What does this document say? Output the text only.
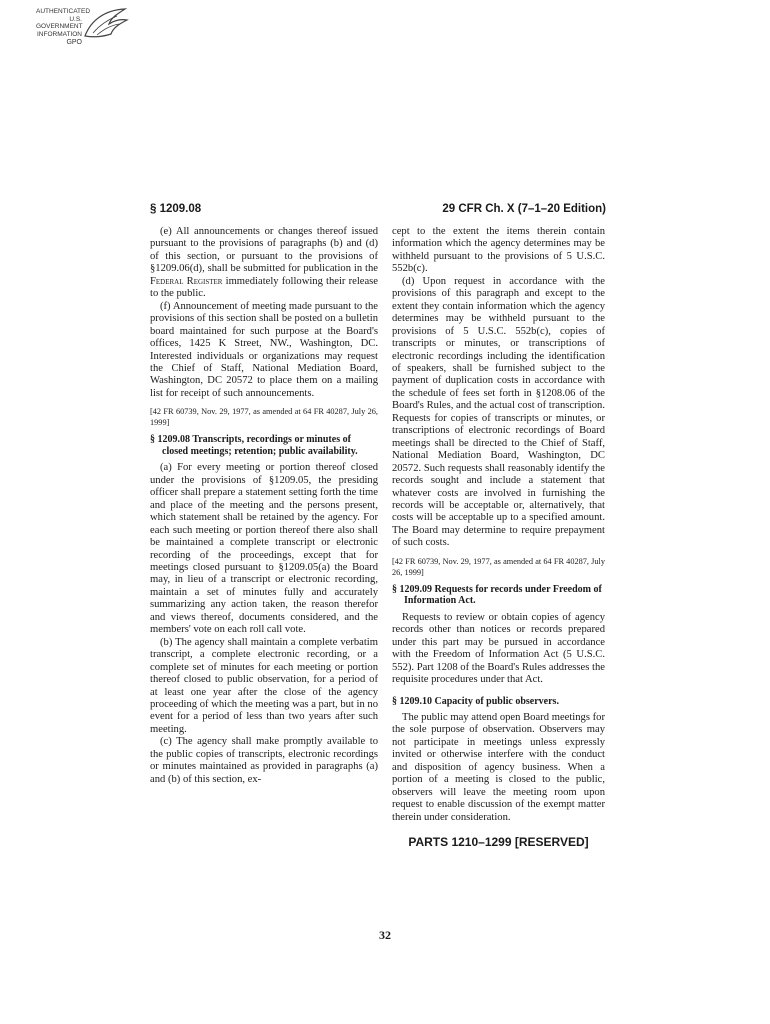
AUTHENTICATED
U.S. GOVERNMENT
INFORMATION
GPO
§ 1209.08	29 CFR Ch. X (7–1–20 Edition)

(e) All announcements or changes thereof issued pursuant to the provisions of paragraphs (b) and (d) of this section, or pursuant to the provisions of §1209.06(d), shall be submitted for publication in the Federal Register immediately following their release to the public.

(f) Announcement of meeting made pursuant to the provisions of this section shall be posted on a bulletin board maintained for such purpose at the Board's offices, 1425 K Street, NW., Washington, DC. Interested individuals or organizations may request the Chief of Staff, National Mediation Board, Washington, DC 20572 to place them on a mailing list for receipt of such announcements.

[42 FR 60739, Nov. 29, 1977, as amended at 64 FR 40287, July 26, 1999]

§ 1209.08 Transcripts, recordings or minutes of closed meetings; retention; public availability.

(a) For every meeting or portion thereof closed under the provisions of §1209.05, the presiding officer shall prepare a statement setting forth the time and place of the meeting and the persons present, which statement shall be retained by the agency. For each such meeting or portion thereof there also shall be maintained a complete transcript or electronic recording of the proceedings, except that for meetings closed pursuant to §1209.05(a) the Board may, in lieu of a transcript or electronic recording, maintain a set of minutes fully and accurately summarizing any action taken, the reason therefor and views thereof, documents considered, and the members' vote on each roll call vote.

(b) The agency shall maintain a complete verbatim transcript, a complete electronic recording, or a complete set of minutes for each meeting or portion thereof closed to public observation, for a period of at least one year after the close of the agency proceeding of which the meeting was a part, but in no event for a period of less than two years after such meeting.

(c) The agency shall make promptly available to the public copies of transcripts, electronic recordings or minutes maintained as provided in paragraphs (a) and (b) of this section, ex-

cept to the extent the items therein contain information which the agency determines may be withheld pursuant to the provisions of 5 U.S.C. 552b(c).

(d) Upon request in accordance with the provisions of this paragraph and except to the extent they contain information which the agency determines may be withheld pursuant to the provisions of 5 U.S.C. 552b(c), copies of transcripts or minutes, or transcriptions of electronic recordings including the identification of speakers, shall be furnished subject to the payment of duplication costs in accordance with the schedule of fees set forth in §1208.06 of the Board's Rules, and the actual cost of transcription. Requests for copies of transcripts or minutes, or transcriptions of electronic recordings of Board meetings shall be directed to the Chief of Staff, National Mediation Board, Washington, DC 20572. Such requests shall reasonably identify the records sought and include a statement that whatever costs are involved in furnishing the records will be acceptable or, alternatively, that costs will be acceptable up to a specified amount. The Board may determine to require prepayment of such costs.

[42 FR 60739, Nov. 29, 1977, as amended at 64 FR 40287, July 26, 1999]

§ 1209.09 Requests for records under Freedom of Information Act.

Requests to review or obtain copies of agency records other than notices or records prepared under this part may be pursued in accordance with the Freedom of Information Act (5 U.S.C. 552). Part 1208 of the Board's Rules addresses the requisite procedures under that Act.

§ 1209.10 Capacity of public observers.

The public may attend open Board meetings for the sole purpose of observation. Observers may not participate in meetings unless expressly invited or otherwise interfere with the conduct and disposition of agency business. When a portion of a meeting is closed to the public, observers will leave the meeting room upon request to enable discussion of the exempt matter therein under consideration.

PARTS 1210–1299 [RESERVED]

32
